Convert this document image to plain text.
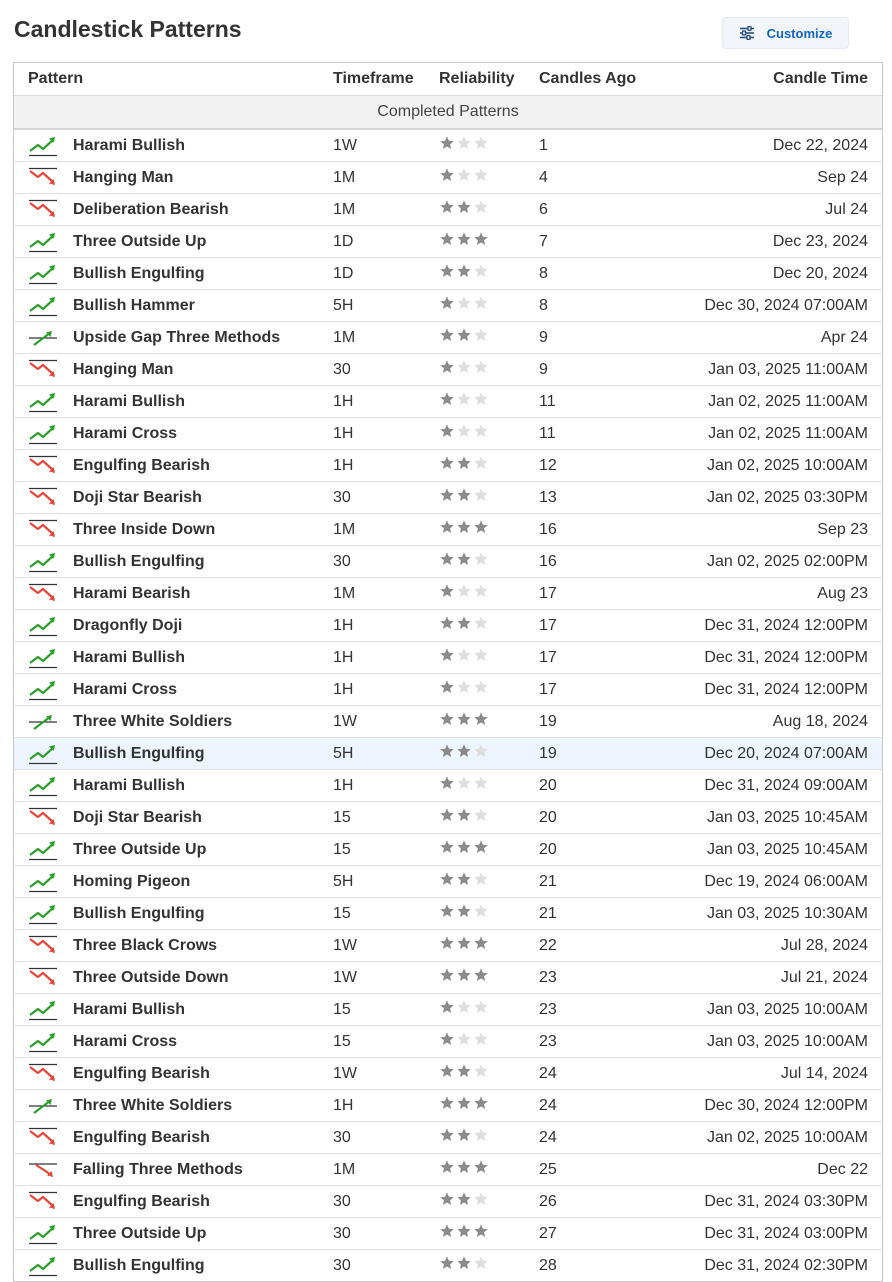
Candlestick Patterns	Customize
Pattern	Timeframe	Reliability	Candles Ago	Candle Time
Completed Patterns				

Harami Bullish	1W		1	Dec 22, 2024

Hanging Man	1M		4	Sep 24

Deliberation Bearish	1M		6	Jul 24

Three Outside Up	1D		7	Dec 23, 2024

Bullish Engulfing	1D		8	Dec 20, 2024

Bullish Hammer	5H		8	Dec 30, 2024 07:00AM

Upside Gap Three Methods	1M		9	Apr 24

Hanging Man	30		9	Jan 03, 2025 11:00AM

Harami Bullish	1H		11	Jan 02, 2025 11:00AM

Harami Cross	1H		11	Jan 02, 2025 11:00AM

Engulfing Bearish	1H		12	Jan 02, 2025 10:00AM

Doji Star Bearish	30		13	Jan 02, 2025 03:30PM

Three Inside Down	1M		16	Sep 23

Bullish Engulfing	30		16	Jan 02, 2025 02:00PM

Harami Bearish	1M		17	Aug 23

Dragonfly Doji	1H		17	Dec 31, 2024 12:00PM

Harami Bullish	1H		17	Dec 31, 2024 12:00PM

Harami Cross	1H		17	Dec 31, 2024 12:00PM

Three White Soldiers	1W		19	Aug 18, 2024

Bullish Engulfing	5H		19	Dec 20, 2024 07:00AM

Harami Bullish	1H		20	Dec 31, 2024 09:00AM

Doji Star Bearish	15		20	Jan 03, 2025 10:45AM

Three Outside Up	15		20	Jan 03, 2025 10:45AM

Homing Pigeon	5H		21	Dec 19, 2024 06:00AM

Bullish Engulfing	15		21	Jan 03, 2025 10:30AM

Three Black Crows	1W		22	Jul 28, 2024

Three Outside Down	1W		23	Jul 21, 2024

Harami Bullish	15		23	Jan 03, 2025 10:00AM

Harami Cross	15		23	Jan 03, 2025 10:00AM

Engulfing Bearish	1W		24	Jul 14, 2024

Three White Soldiers	1H		24	Dec 30, 2024 12:00PM

Engulfing Bearish	30		24	Jan 02, 2025 10:00AM

Falling Three Methods	1M		25	Dec 22

Engulfing Bearish	30		26	Dec 31, 2024 03:30PM

Three Outside Up	30		27	Dec 31, 2024 03:00PM

Bullish Engulfing	30		28	Dec 31, 2024 02:30PM
